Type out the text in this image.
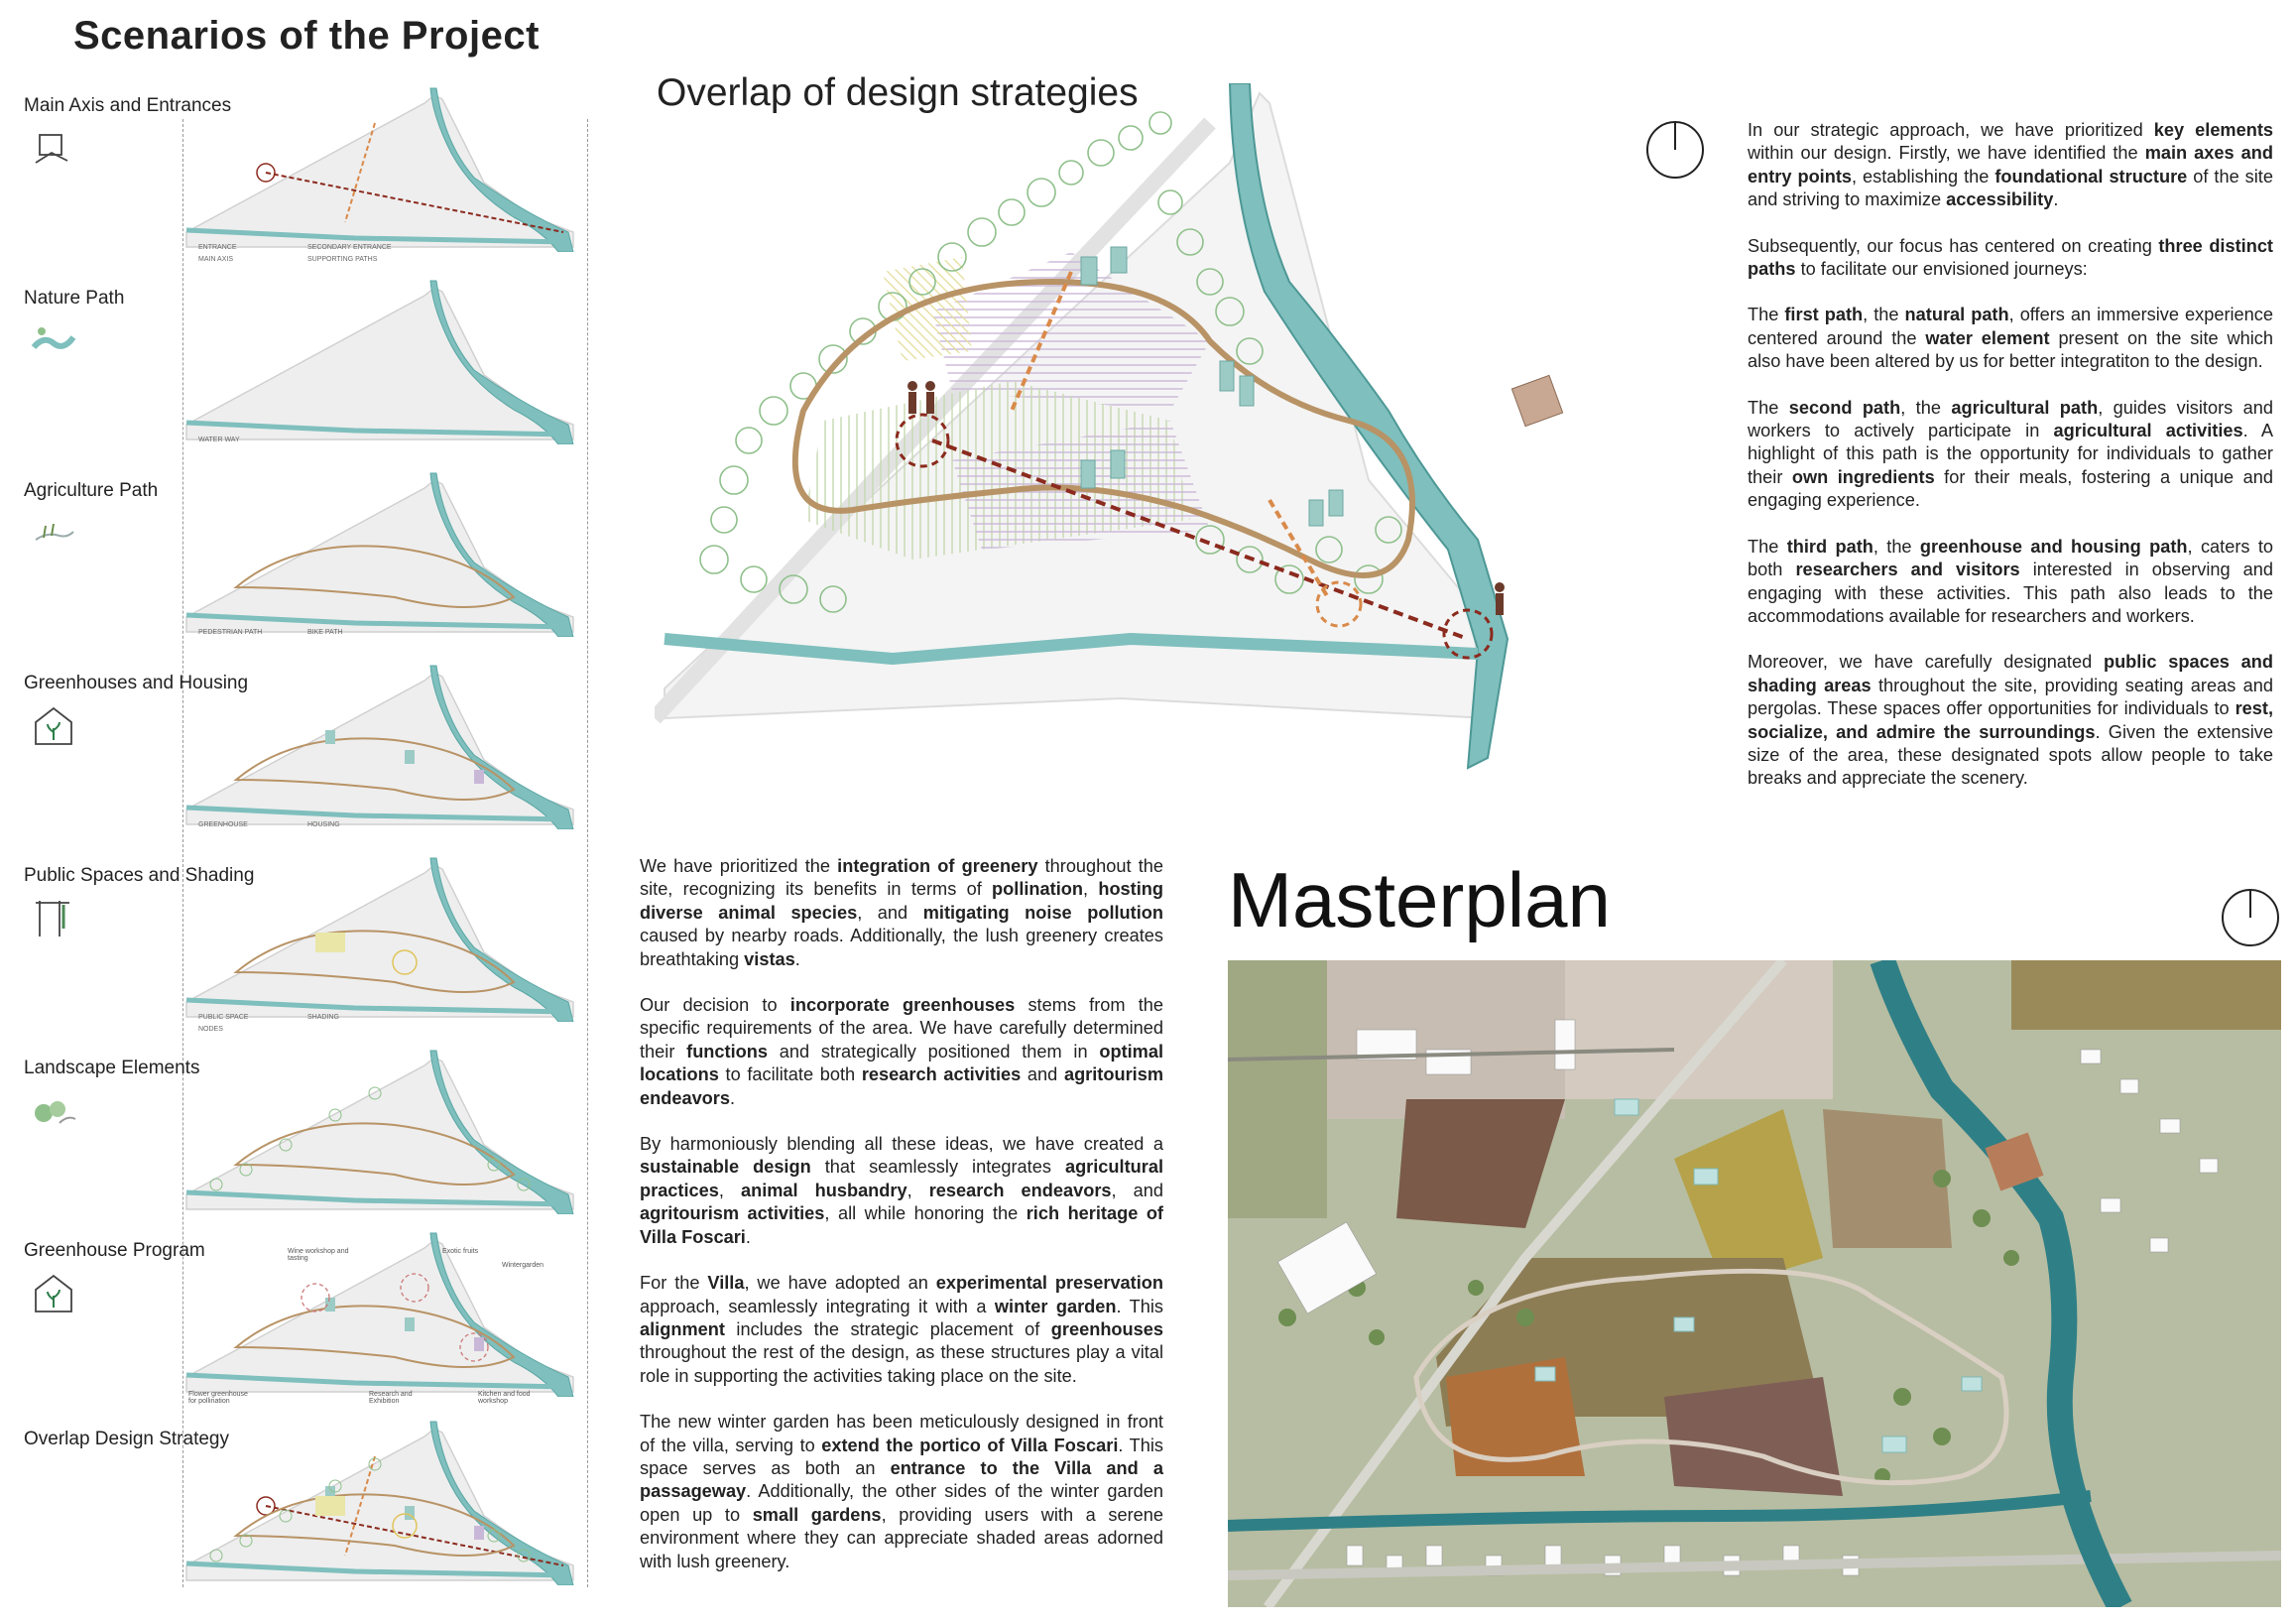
Scenarios of the Project
Overlap of design strategies
Masterplan
Main Axis and Entrances
ENTRANCE	SECONDARY ENTRANCE
MAIN AXIS	SUPPORTING PATHS
Nature Path
WATER WAY
Agriculture Path
PEDESTRIAN PATH	BIKE PATH
Greenhouses and Housing
GREENHOUSE	HOUSING
Public Spaces and Shading
PUBLIC SPACE	SHADING
NODES
Landscape Elements
Greenhouse Program
Overlap Design Strategy
Wine workshop and tasting
Exotic fruits
Wintergarden
Flower greenhouse for pollination
Research and Exhibition
Kitchen and food workshop

In our strategic approach, we have prioritized key elements within our design. Firstly, we have identified the main axes and entry points, establishing the foundational structure of the site and striving to maximize accessibility.

Subsequently, our focus has centered on creating three distinct paths to facilitate our envisioned journeys:

The first path, the natural path, offers an immersive experience centered around the water element present on the site which also have been altered by us for better integratiton to the design.

The second path, the agricultural path, guides visitors and workers to actively participate in agricultural activities. A highlight of this path is the opportunity for individuals to gather their own ingredients for their meals, fostering a unique and engaging experience.

The third path, the greenhouse and housing path, caters to both researchers and visitors interested in observing and engaging with these activities. This path also leads to the accommodations available for researchers and workers.

Moreover, we have carefully designated public spaces and shading areas throughout the site, providing seating areas and pergolas. These spaces offer opportunities for individuals to rest, socialize, and admire the surroundings. Given the extensive size of the area, these designated spots allow people to take breaks and appreciate the scenery.

We have prioritized the integration of greenery throughout the site, recognizing its benefits in terms of pollination, hosting diverse animal species, and mitigating noise pollution caused by nearby roads. Additionally, the lush greenery creates breathtaking vistas.

Our decision to incorporate greenhouses stems from the specific requirements of the area. We have carefully determined their functions and strategically positioned them in optimal locations to facilitate both research activities and agritourism endeavors.

By harmoniously blending all these ideas, we have created a sustainable design that seamlessly integrates agricultural practices, animal husbandry, research endeavors, and agritourism activities, all while honoring the rich heritage of Villa Foscari.

For the Villa, we have adopted an experimental preservation approach, seamlessly integrating it with a winter garden. This alignment includes the strategic placement of greenhouses throughout the rest of the design, as these structures play a vital role in supporting the activities taking place on the site.

The new winter garden has been meticulously designed in front of the villa, serving to extend the portico of Villa Foscari. This space serves as both an entrance to the Villa and a passageway. Additionally, the other sides of the winter garden open up to small gardens, providing users with a serene environment where they can appreciate shaded areas adorned with lush greenery.
